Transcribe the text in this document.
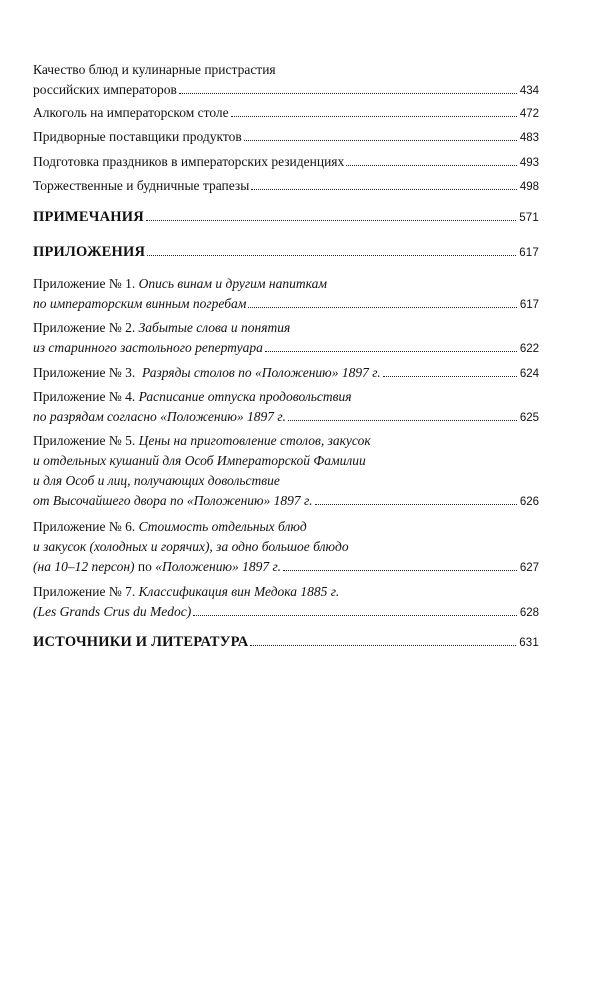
Качество блюд и кулинарные пристрастия
российских императоров	434
Алкоголь на императорском столе	472
Придворные поставщики продуктов	483
Подготовка праздников в императорских резиденциях	493
Торжественные и будничные трапезы	498
ПРИМЕЧАНИЯ	571
ПРИЛОЖЕНИЯ	617
Приложение № 1.
Опись винам и другим напиткам
по императорским винным погребам	617
Приложение № 2.
Забытые слова и понятия
из старинного застольного репертуара	622
Приложение № 3.
Разряды столов по «Положению» 1897 г.	624
Приложение № 4.
Расписание отпуска продовольствия
по разрядам согласно «Положению» 1897 г.	625
Приложение № 5.
Цены на приготовление столов, закусок
и отдельных кушаний для Особ Императорской Фамилии
и для Особ и лиц, получающих довольствие
от Высочайшего двора по «Положению» 1897 г.	626
Приложение № 6.
Стоимость отдельных блюд
и закусок (холодных и горячих), за одно большое блюдо
(на 10–12 персон)
по
«Положению» 1897 г.	627
Приложение № 7.
Классификация вин Медока 1885 г.
(Les Grands Crus du Medoc)	628
ИСТОЧНИКИ И ЛИТЕРАТУРА	631
